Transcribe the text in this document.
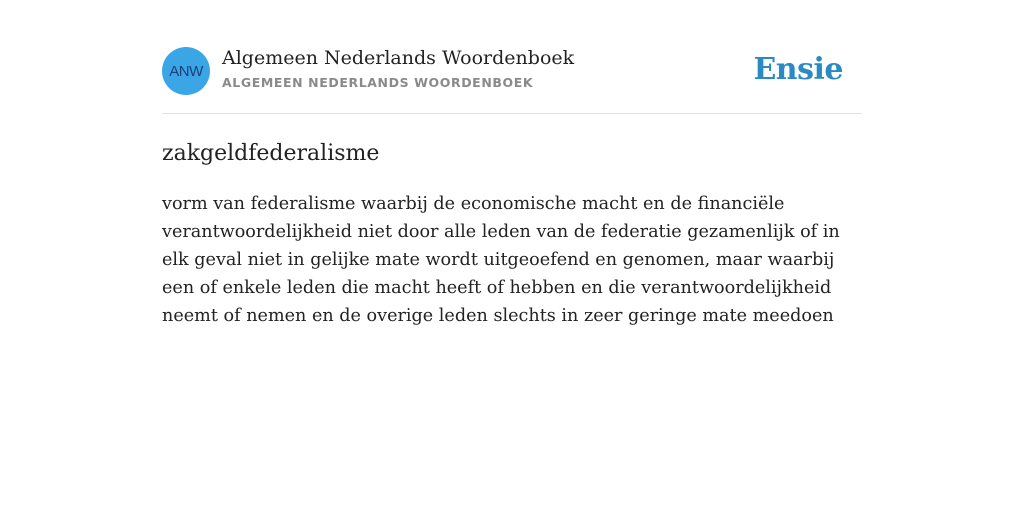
ANW
Algemeen Nederlands Woordenboek
ALGEMEEN NEDERLANDS WOORDENBOEK	Ensie
zakgeldfederalisme
vorm van federalisme waarbij de economische macht en de financiële verantwoordelijkheid niet door alle leden van de federatie gezamenlijk of in elk geval niet in gelijke mate wordt uitgeoefend en genomen, maar waarbij een of enkele leden die macht heeft of hebben en die verantwoordelijkheid neemt of nemen en de overige leden slechts in zeer geringe mate meedoen
